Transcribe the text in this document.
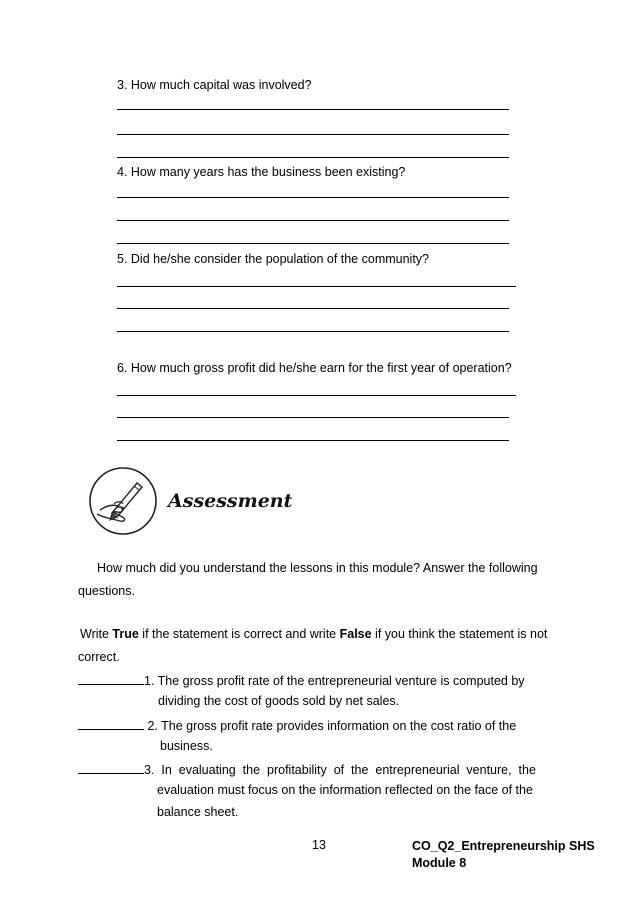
3. How much capital was involved?
4. How many years has the business been existing?
5. Did he/she consider the population of the community?
6. How much gross profit did he/she earn for the first year of operation?
Assessment
How much did you understand the lessons in this module? Answer the following
questions.
Write True if the statement is correct and write False if you think the statement is not
correct.
1. The gross profit rate of the entrepreneurial venture is computed by
dividing the cost of goods sold by net sales.
2. The gross profit rate provides information on the cost ratio of the
business.
3.  In  evaluating  the  profitability  of  the  entrepreneurial  venture,  the
evaluation must focus on the information reflected on the face of the
balance sheet.
13	CO_Q2_Entrepreneurship SHS
Module 8
